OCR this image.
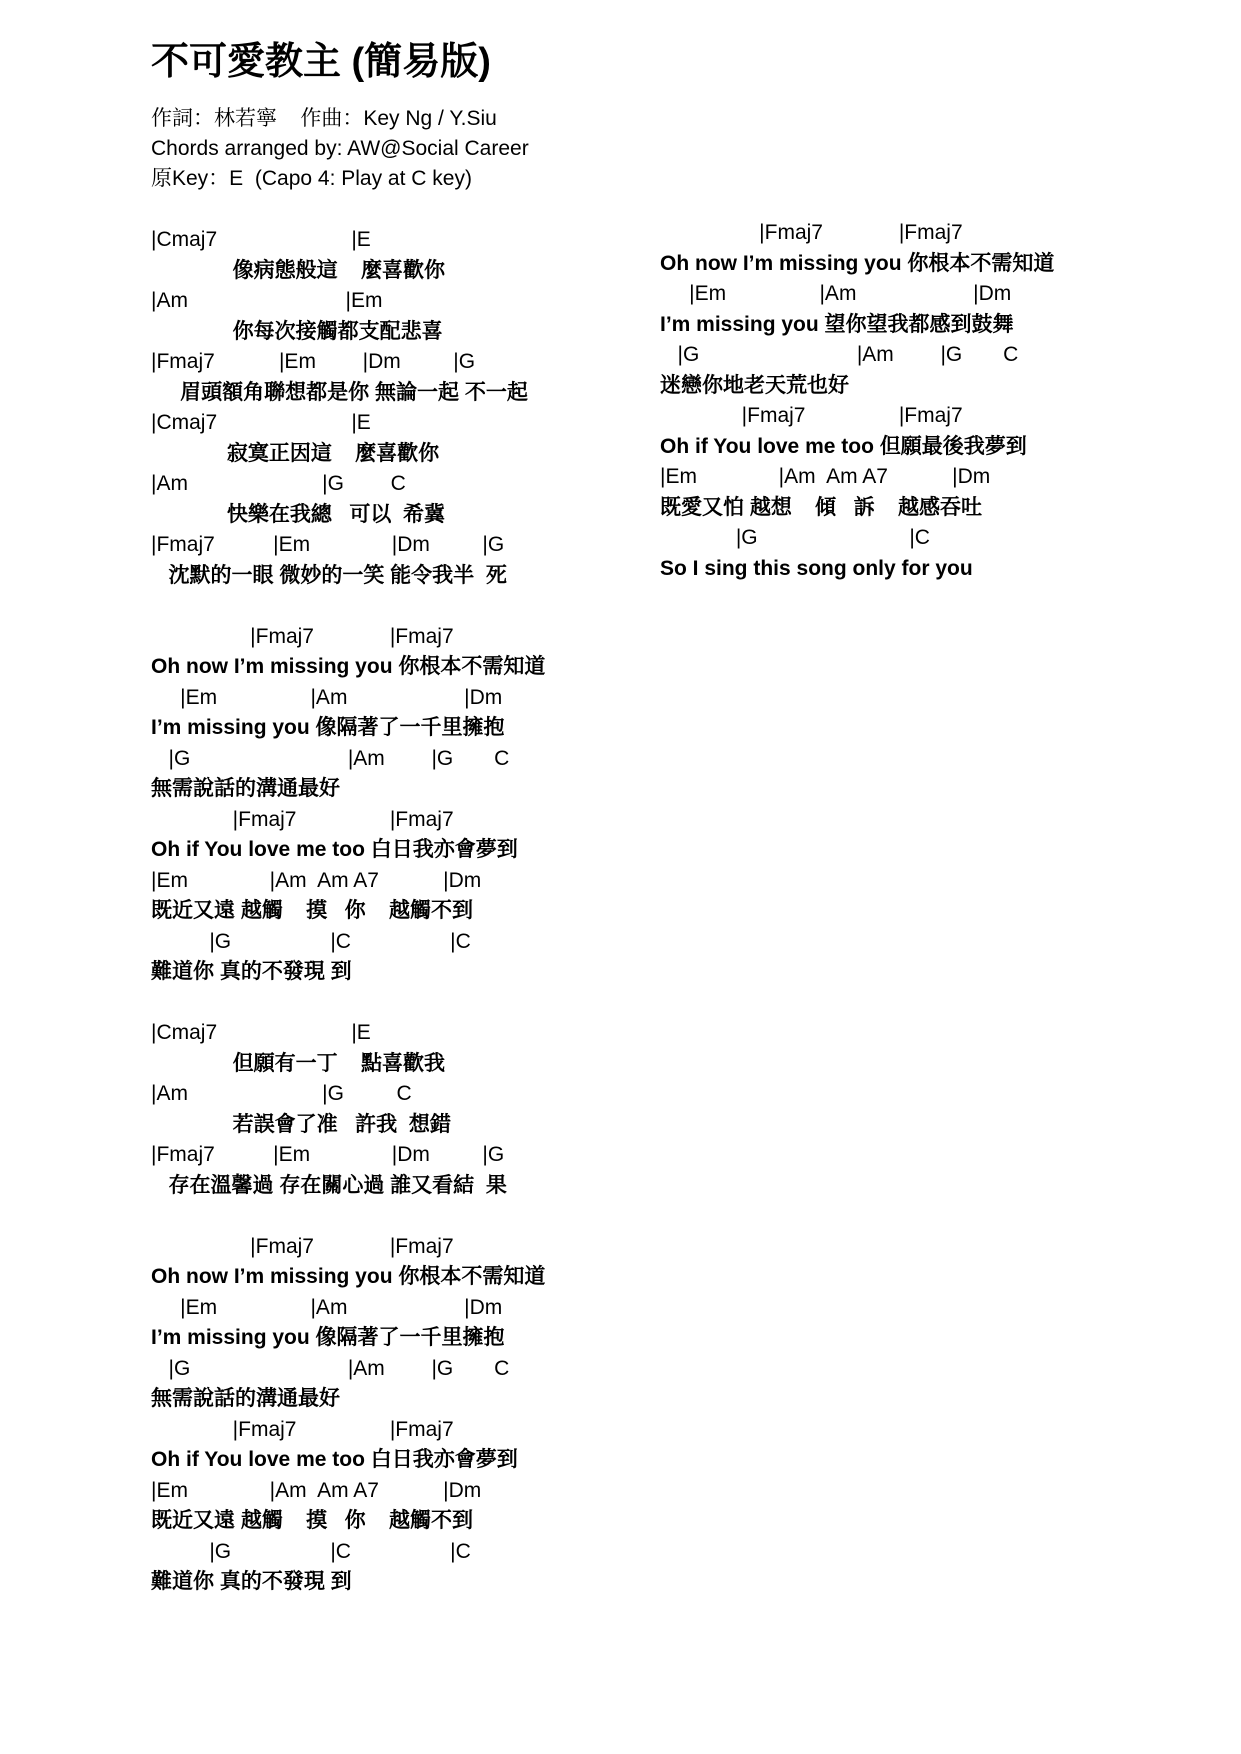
不可愛教主 (簡易版)
作詞：林若寧    作曲：Key Ng / Y.Siu
Chords arranged by: AW@Social Career
原Key：E  (Capo 4: Play at C key)
|Cmaj7                       |E
像病態般這    麼喜歡你
|Am                           |Em
你每次接觸都支配悲喜
|Fmaj7           |Em        |Dm         |G
眉頭額角聯想都是你 無論一起 不一起
|Cmaj7                       |E
寂寞正因這    麼喜歡你
|Am                       |G        C
快樂在我總   可以  希冀
|Fmaj7          |Em              |Dm         |G
沈默的一眼 微妙的一笑 能令我半  死
|Fmaj7             |Fmaj7
Oh now I’m missing you 你根本不需知道
|Em                |Am                    |Dm
I’m missing you 像隔著了一千里擁抱
|G                           |Am        |G       C
無需說話的溝通最好
|Fmaj7                |Fmaj7
Oh if You love me too 白日我亦會夢到
|Em              |Am  Am A7           |Dm
既近又遠 越觸    摸   你    越觸不到
|G                 |C                 |C
難道你 真的不發現 到
|Cmaj7                       |E
但願有一丁    點喜歡我
|Am                       |G         C
若誤會了准   許我  想錯
|Fmaj7          |Em              |Dm         |G
存在溫馨過 存在關心過 誰又看結  果
|Fmaj7             |Fmaj7
Oh now I’m missing you 你根本不需知道
|Em                |Am                    |Dm
I’m missing you 像隔著了一千里擁抱
|G                           |Am        |G       C
無需說話的溝通最好
|Fmaj7                |Fmaj7
Oh if You love me too 白日我亦會夢到
|Em              |Am  Am A7           |Dm
既近又遠 越觸    摸   你    越觸不到
|G                 |C                 |C
難道你 真的不發現 到
|Fmaj7             |Fmaj7
Oh now I’m missing you 你根本不需知道
|Em                |Am                    |Dm
I’m missing you 望你望我都感到鼓舞
|G                           |Am        |G       C
迷戀你地老天荒也好
|Fmaj7                |Fmaj7
Oh if You love me too 但願最後我夢到
|Em              |Am  Am A7           |Dm
既愛又怕 越想    傾   訴    越感吞吐
|G                          |C
So I sing this song only for you
